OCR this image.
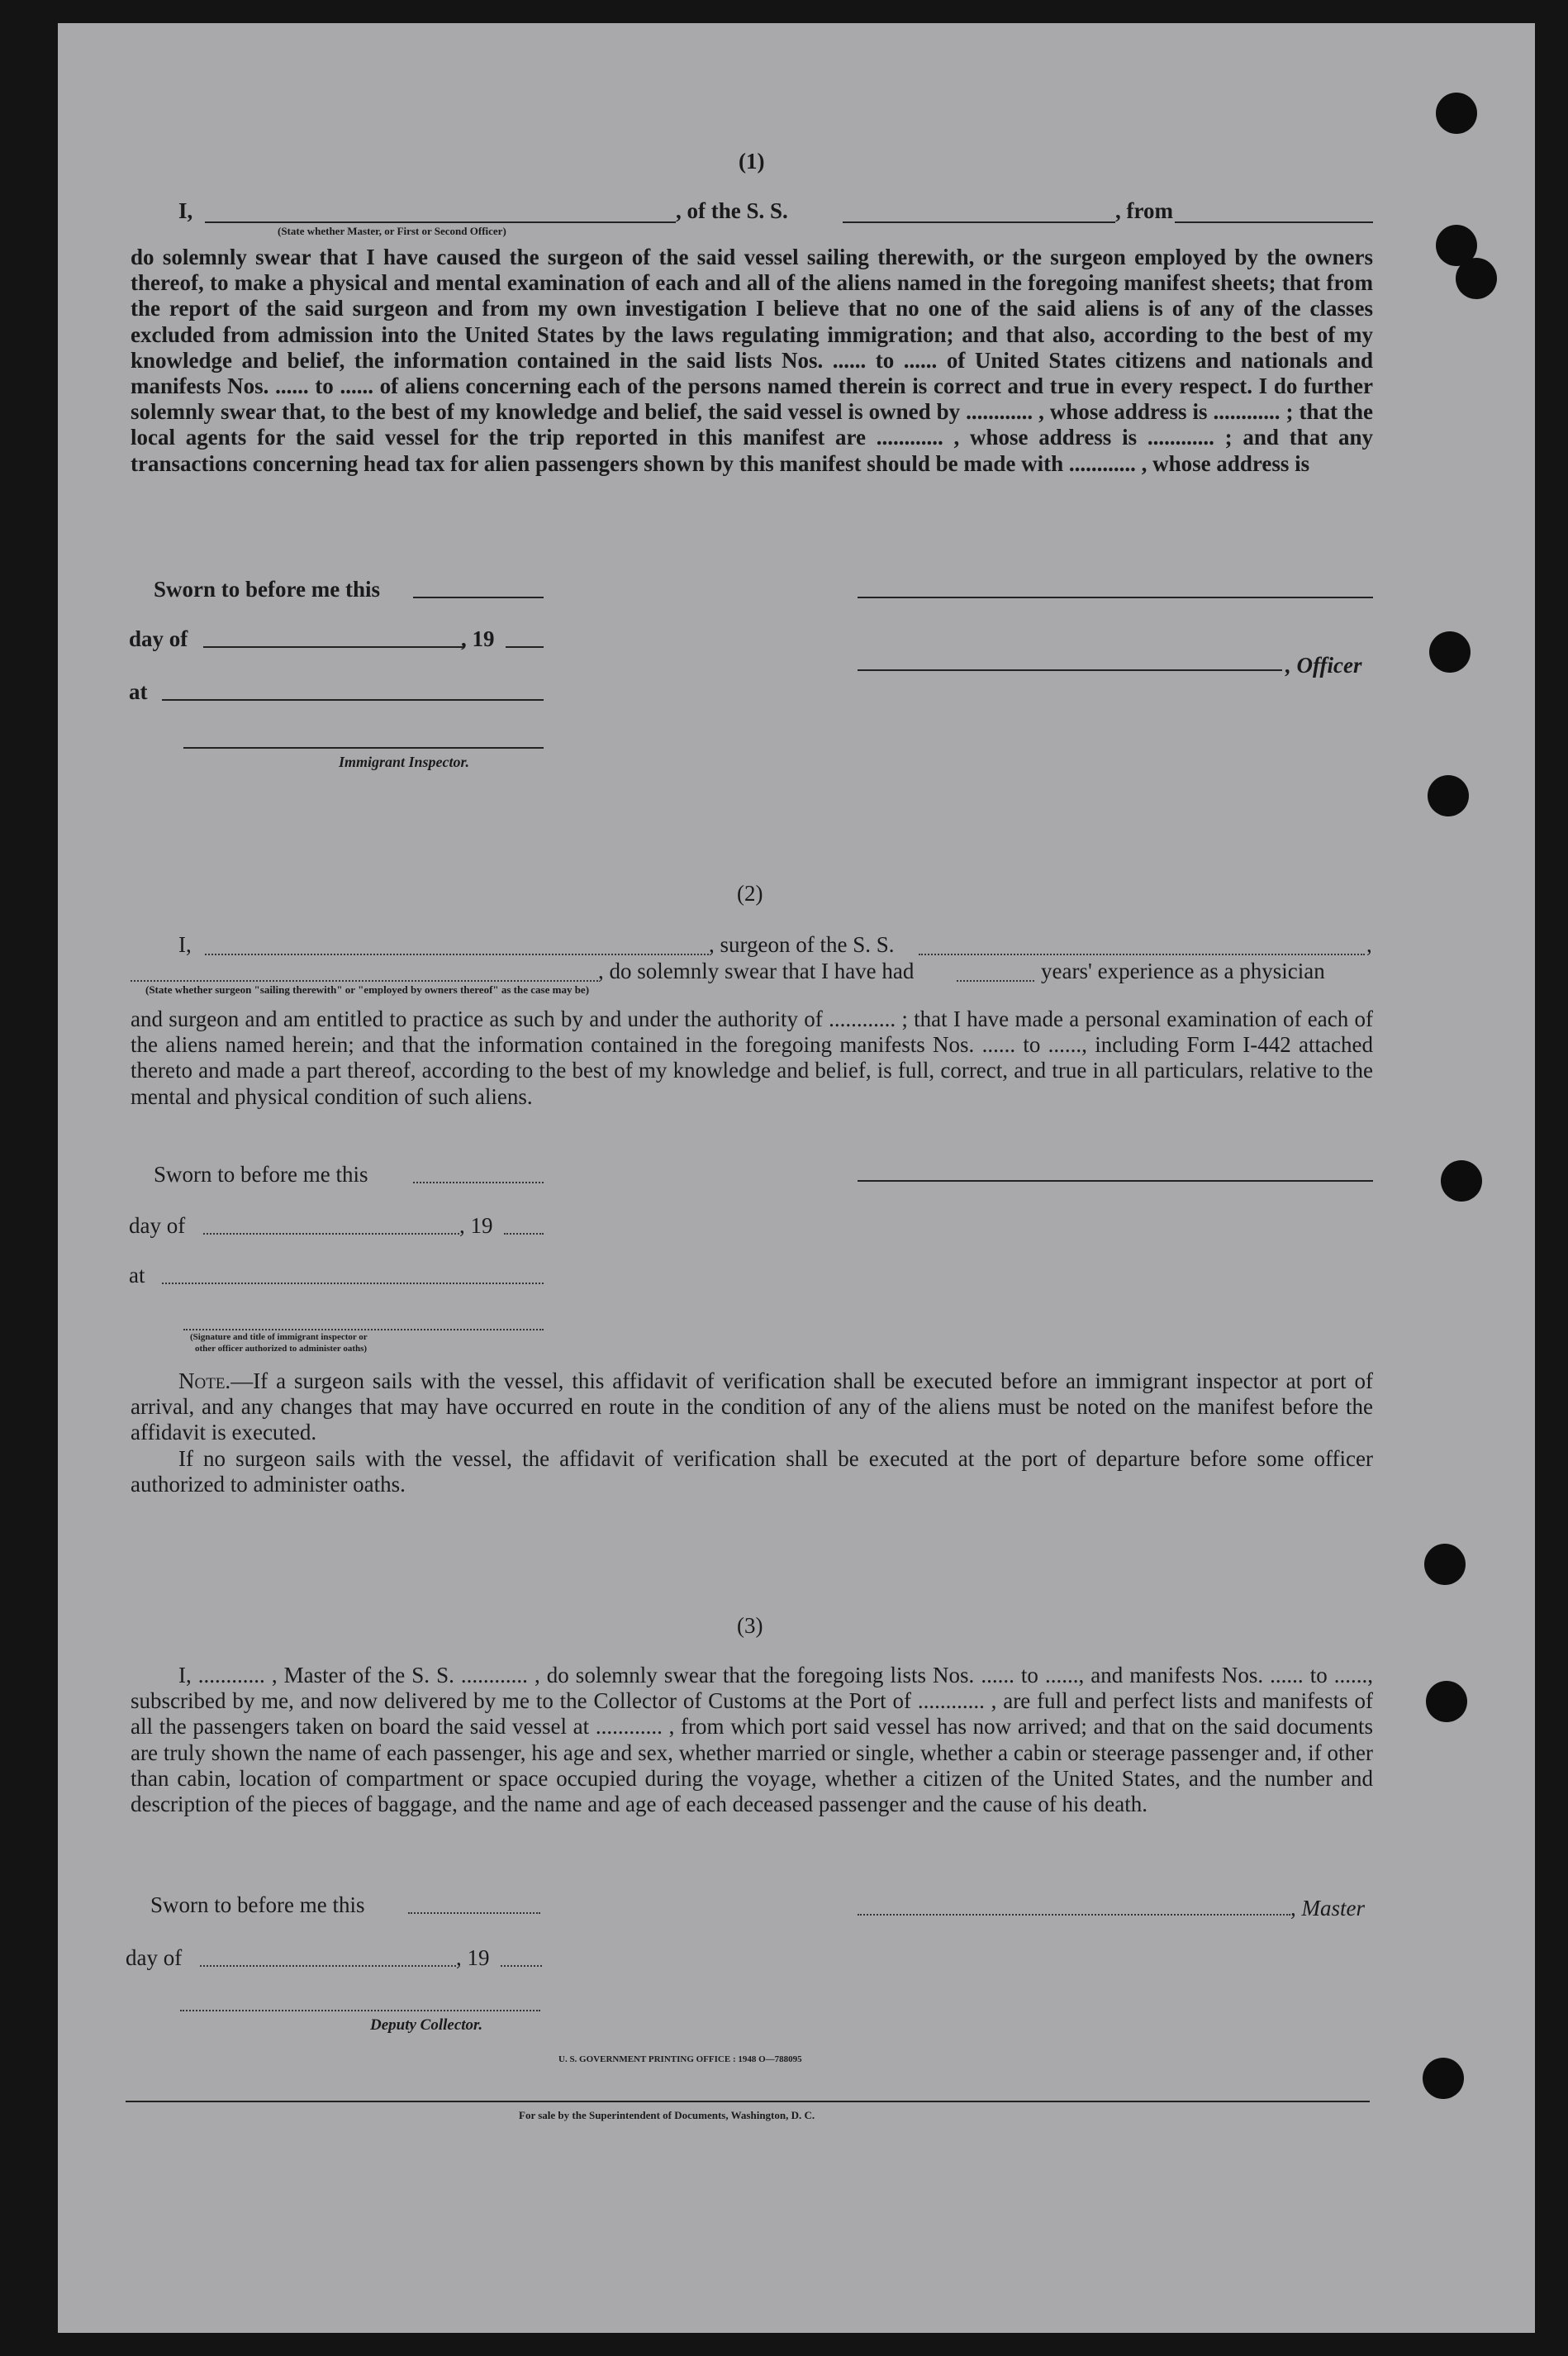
(1)
I,	, of the S. S.	, from
(State whether Master, or First or Second Officer)
do solemnly swear that I have caused the surgeon of the said vessel sailing therewith, or the surgeon employed by the owners thereof, to make a physical and mental examination of each and all of the aliens named in the foregoing manifest sheets; that from the report of the said surgeon and from my own investigation I believe that no one of the said aliens is of any of the classes excluded from admission into the United States by the laws regulating immigration; and that also, according to the best of my knowledge and belief, the information contained in the said lists Nos. ...... to ...... of United States citizens and nationals and manifests Nos. ...... to ...... of aliens concerning each of the persons named therein is correct and true in every respect. I do further solemnly swear that, to the best of my knowledge and belief, the said vessel is owned by ............ , whose address is ............ ; that the local agents for the said vessel for the trip reported in this manifest are ............ , whose address is ............ ; and that any transactions concerning head tax for alien passengers shown by this manifest should be made with ............ , whose address is
Sworn to before me this
day of	, 19
, Officer
at
Immigrant Inspector.
(2)
I,	, surgeon of the S. S.	,
, do solemnly swear that I have had	years' experience as a physician
(State whether surgeon "sailing therewith" or "employed by owners thereof" as the case may be)
and surgeon and am entitled to practice as such by and under the authority of ............ ; that I have made a personal examination of each of the aliens named herein; and that the information contained in the foregoing manifests Nos. ...... to ......, including Form I-442 attached thereto and made a part thereof, according to the best of my knowledge and belief, is full, correct, and true in all particulars, relative to the mental and physical condition of such aliens.
Sworn to before me this
day of	, 19
at
(Signature and title of immigrant inspector or
other officer authorized to administer oaths)
Note.—If a surgeon sails with the vessel, this affidavit of verification shall be executed before an immigrant inspector at port of arrival, and any changes that may have occurred en route in the condition of any of the aliens must be noted on the manifest before the affidavit is executed.
If no surgeon sails with the vessel, the affidavit of verification shall be executed at the port of departure before some officer authorized to administer oaths.
(3)
I, ............ , Master of the S. S. ............ , do solemnly swear that the foregoing lists Nos. ...... to ......, and manifests Nos. ...... to ......, subscribed by me, and now delivered by me to the Collector of Customs at the Port of ............ , are full and perfect lists and manifests of all the passengers taken on board the said vessel at ............ , from which port said vessel has now arrived; and that on the said documents are truly shown the name of each passenger, his age and sex, whether married or single, whether a cabin or steerage passenger and, if other than cabin, location of compartment or space occupied during the voyage, whether a citizen of the United States, and the number and description of the pieces of baggage, and the name and age of each deceased passenger and the cause of his death.
Sworn to before me this	, Master
day of	, 19
Deputy Collector.
U. S. GOVERNMENT PRINTING OFFICE : 1948 O—788095
For sale by the Superintendent of Documents, Washington, D. C.
